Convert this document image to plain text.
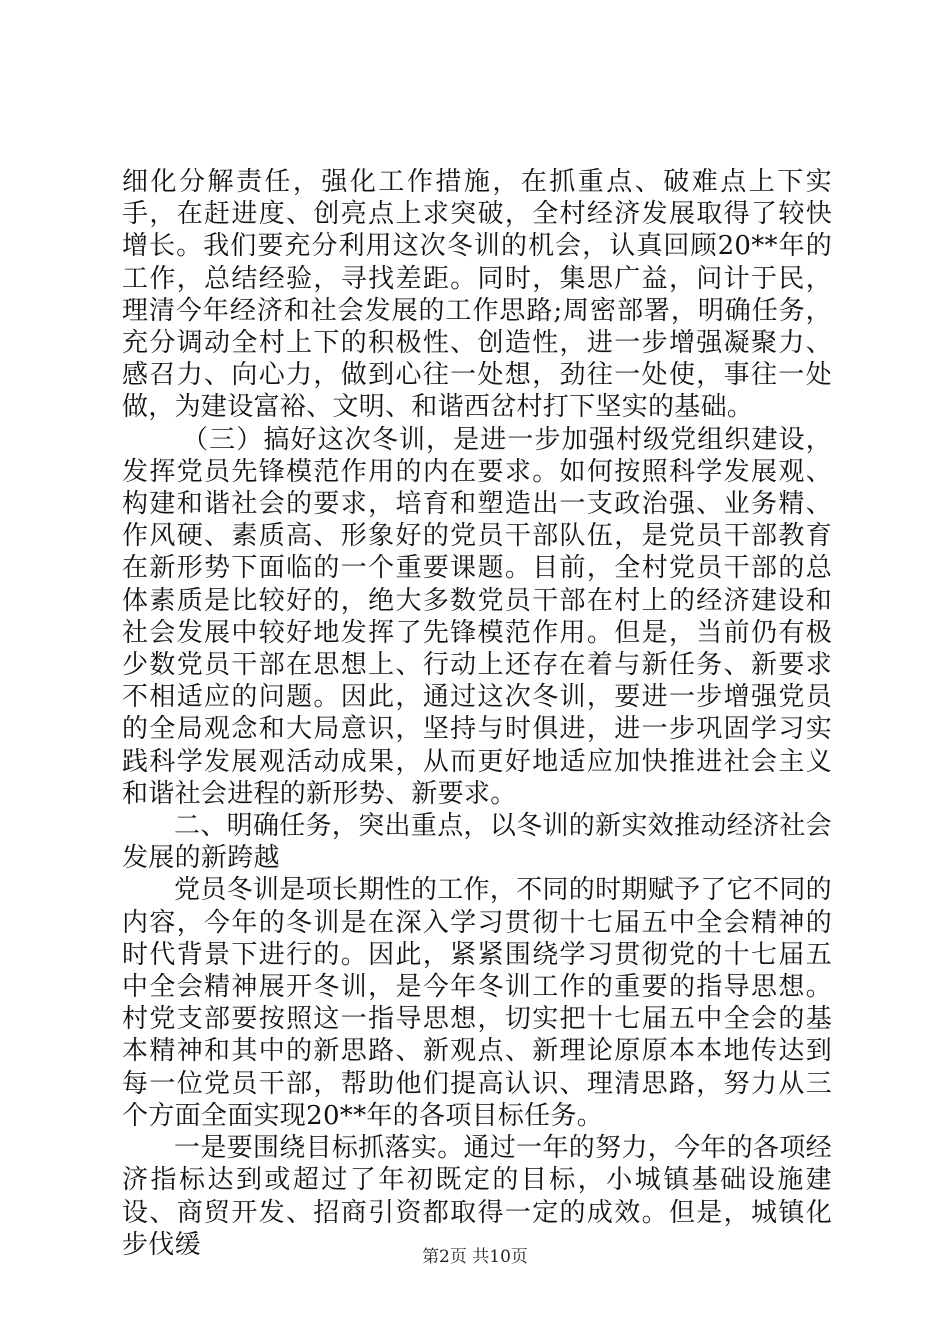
细化分解责任，强化工作措施，在抓重点、破难点上下实手，在赶进度、创亮点上求突破，全村经济发展取得了较快增长。我们要充分利用这次冬训的机会，认真回顾20**年的工作，总结经验，寻找差距。同时，集思广益，问计于民，理清今年经济和社会发展的工作思路;周密部署，明确任务，充分调动全村上下的积极性、创造性，进一步增强凝聚力、感召力、向心力，做到心往一处想，劲往一处使，事往一处做，为建设富裕、文明、和谐西岔村打下坚实的基础。

（三）搞好这次冬训，是进一步加强村级党组织建设，发挥党员先锋模范作用的内在要求。如何按照科学发展观、构建和谐社会的要求，培育和塑造出一支政治强、业务精、作风硬、素质高、形象好的党员干部队伍，是党员干部教育在新形势下面临的一个重要课题。目前，全村党员干部的总体素质是比较好的，绝大多数党员干部在村上的经济建设和社会发展中较好地发挥了先锋模范作用。但是，当前仍有极少数党员干部在思想上、行动上还存在着与新任务、新要求不相适应的问题。因此，通过这次冬训，要进一步增强党员的全局观念和大局意识，坚持与时俱进，进一步巩固学习实践科学发展观活动成果，从而更好地适应加快推进社会主义和谐社会进程的新形势、新要求。

二、明确任务，突出重点，以冬训的新实效推动经济社会发展的新跨越

党员冬训是项长期性的工作，不同的时期赋予了它不同的内容，今年的冬训是在深入学习贯彻十七届五中全会精神的时代背景下进行的。因此，紧紧围绕学习贯彻党的十七届五中全会精神展开冬训，是今年冬训工作的重要的指导思想。村党支部要按照这一指导思想，切实把十七届五中全会的基本精神和其中的新思路、新观点、新理论原原本本地传达到每一位党员干部，帮助他们提高认识、理清思路，努力从三个方面全面实现20**年的各项目标任务。

一是要围绕目标抓落实。通过一年的努力，今年的各项经济指标达到或超过了年初既定的目标，小城镇基础设施建设、商贸开发、招商引资都取得一定的成效。但是，城镇化步伐缓	第2页 共10页
